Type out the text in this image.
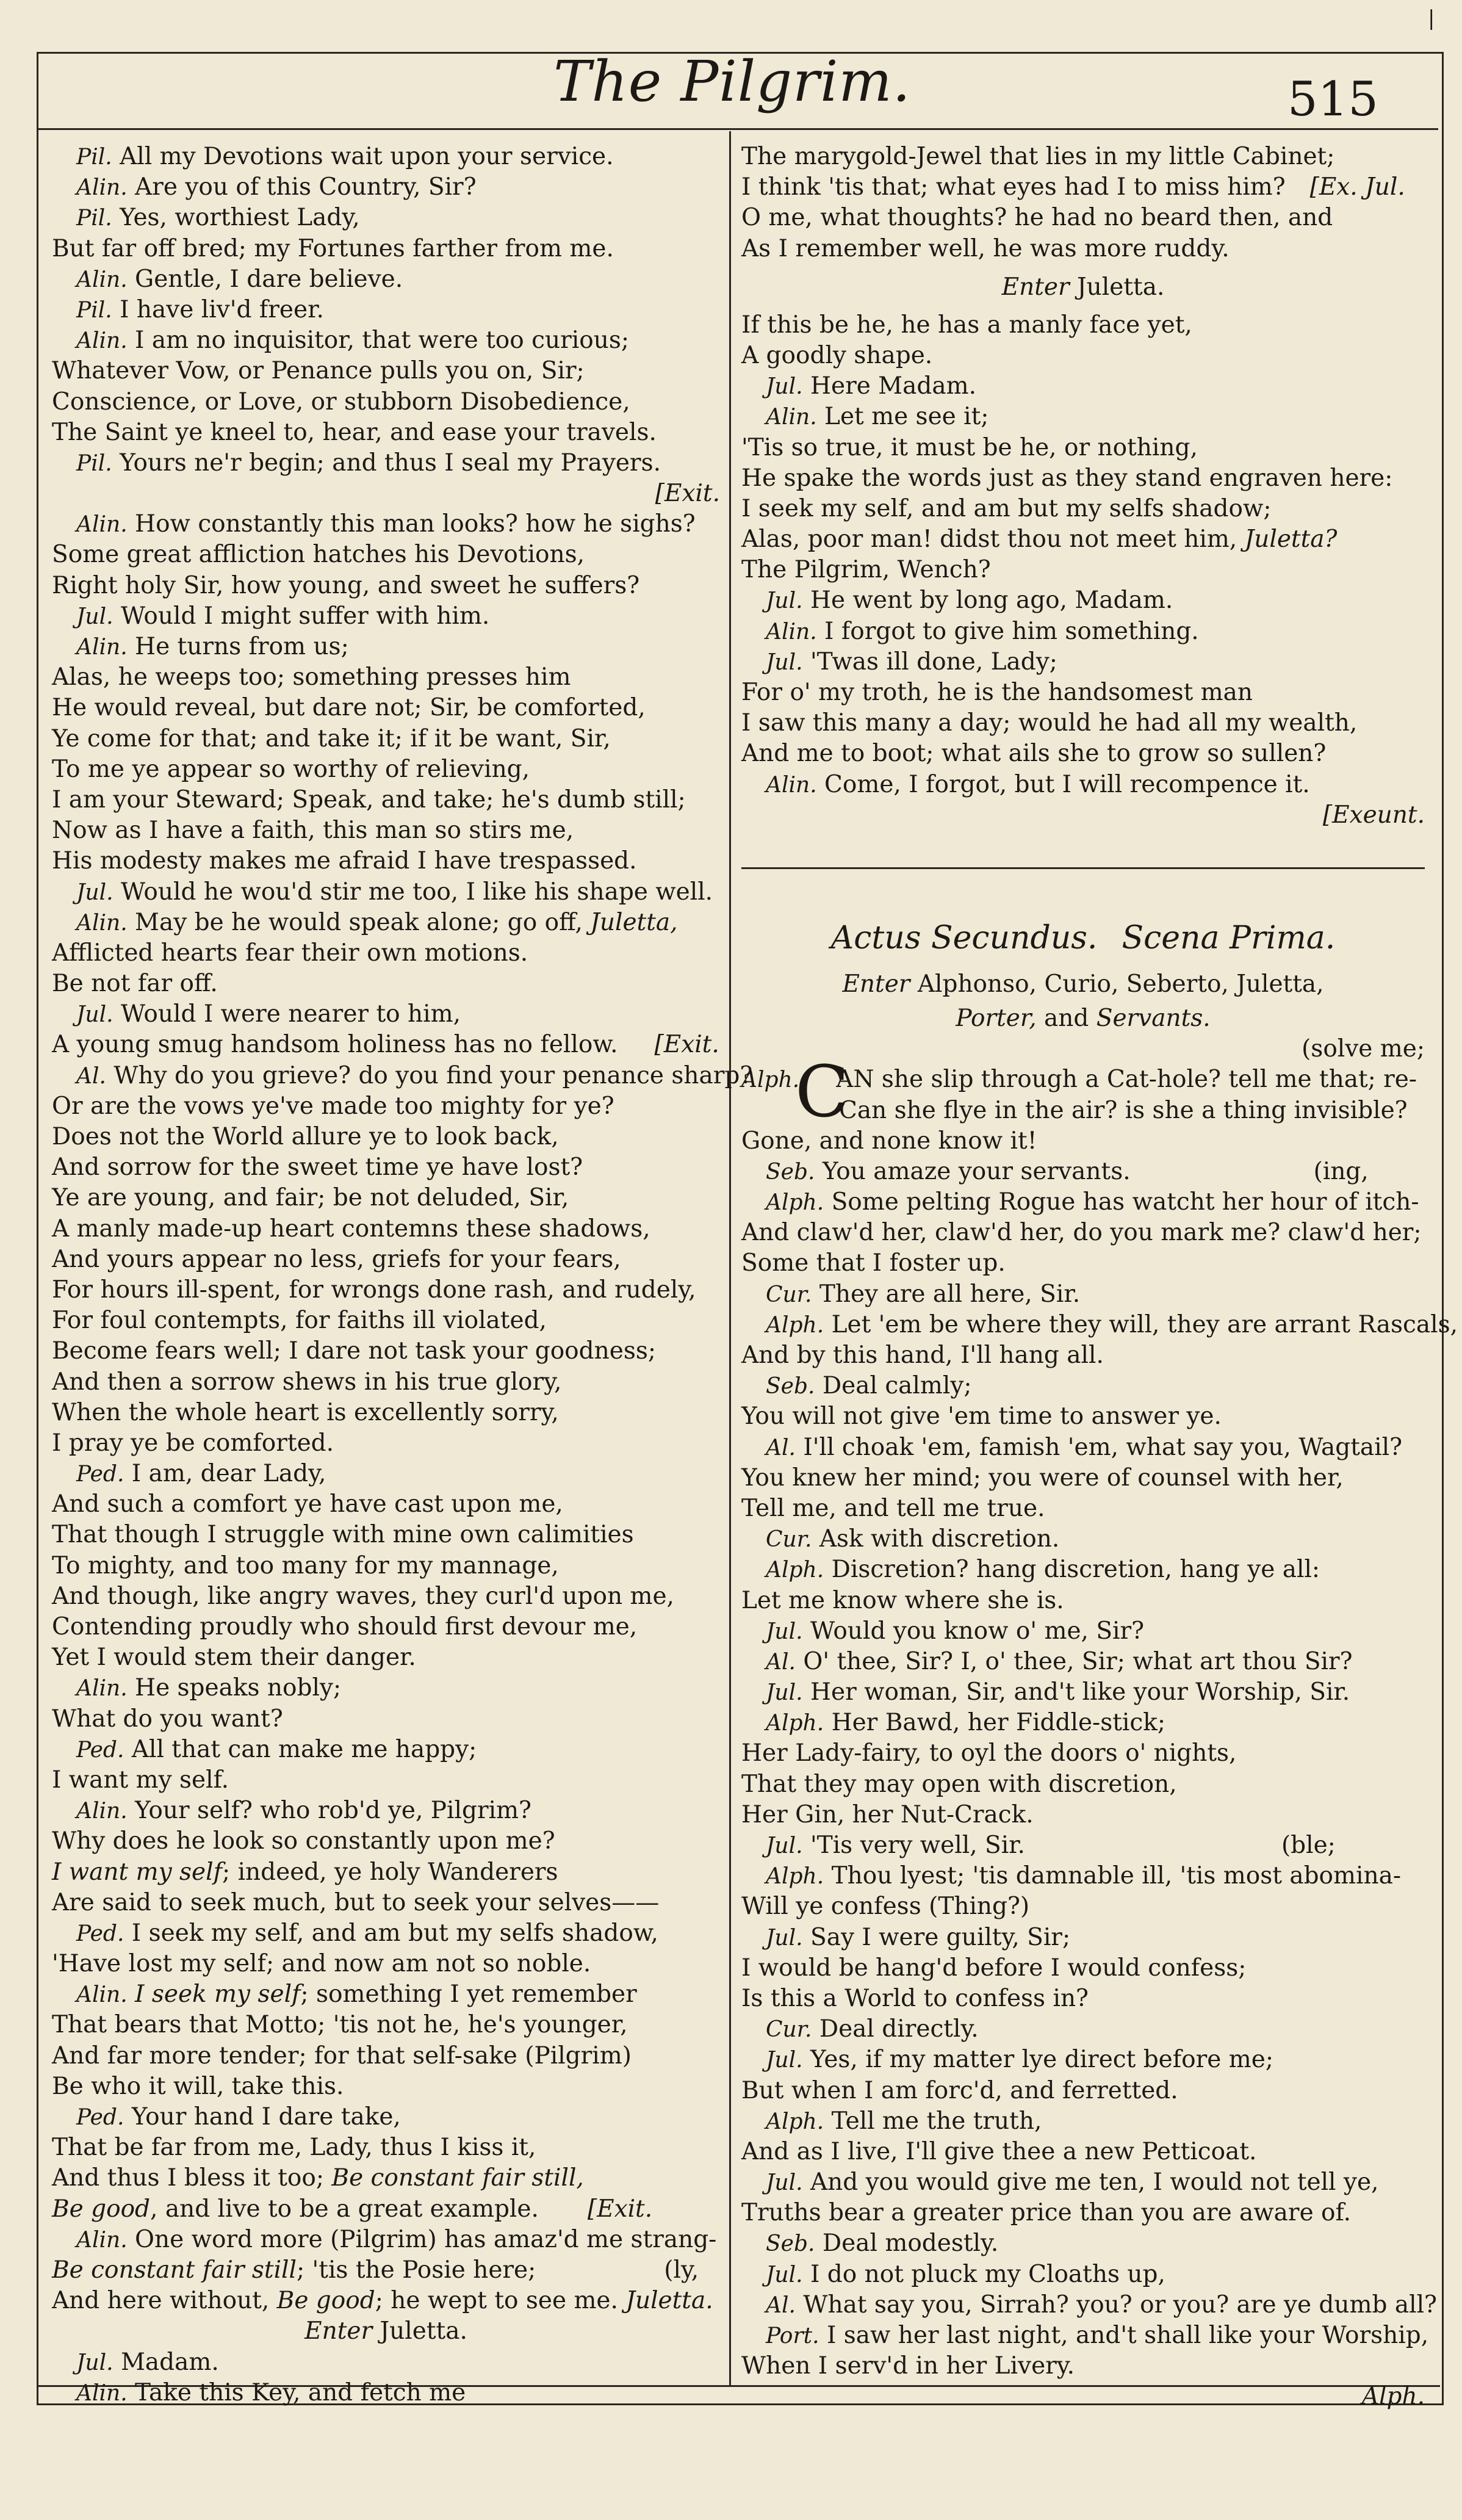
|
The Pilgrim.	515
Pil. All my Devotions wait upon your service.
Alin. Are you of this Country, Sir?
Pil. Yes, worthiest Lady,
But far off bred; my Fortunes farther from me.
Alin. Gentle, I dare believe.
Pil. I have liv'd freer.
Alin. I am no inquisitor, that were too curious;
Whatever Vow, or Penance pulls you on, Sir;
Conscience, or Love, or stubborn Disobedience,
The Saint ye kneel to, hear, and ease your travels.
Pil. Yours ne'r begin; and thus I seal my Prayers.
[Exit.
Alin. How constantly this man looks? how he sighs?
Some great affliction hatches his Devotions,
Right holy Sir, how young, and sweet he suffers?
Jul. Would I might suffer with him.
Alin. He turns from us;
Alas, he weeps too; something presses him
He would reveal, but dare not; Sir, be comforted,
Ye come for that; and take it; if it be want, Sir,
To me ye appear so worthy of relieving,
I am your Steward; Speak, and take; he's dumb still;
Now as I have a faith, this man so stirs me,
His modesty makes me afraid I have trespassed.
Jul. Would he wou'd stir me too, I like his shape well.
Alin. May be he would speak alone; go off, Juletta,
Afflicted hearts fear their own motions.
Be not far off.
Jul. Would I were nearer to him,
A young smug handsom holiness has no fellow. [Exit.
Al. Why do you grieve? do you find your penance sharp?
Or are the vows ye've made too mighty for ye?
Does not the World allure ye to look back,
And sorrow for the sweet time ye have lost?
Ye are young, and fair; be not deluded, Sir,
A manly made-up heart contemns these shadows,
And yours appear no less, griefs for your fears,
For hours ill-spent, for wrongs done rash, and rudely,
For foul contempts, for faiths ill violated,
Become fears well; I dare not task your goodness;
And then a sorrow shews in his true glory,
When the whole heart is excellently sorry,
I pray ye be comforted.
Ped. I am, dear Lady,
And such a comfort ye have cast upon me,
That though I struggle with mine own calimities
To mighty, and too many for my mannage,
And though, like angry waves, they curl'd upon me,
Contending proudly who should first devour me,
Yet I would stem their danger.
Alin. He speaks nobly;
What do you want?
Ped. All that can make me happy;
I want my self.
Alin. Your self? who rob'd ye, Pilgrim?
Why does he look so constantly upon me?
I want my self; indeed, ye holy Wanderers
Are said to seek much, but to seek your selves——
Ped. I seek my self, and am but my selfs shadow,
'Have lost my self; and now am not so noble.
Alin. I seek my self; something I yet remember
That bears that Motto; 'tis not he, he's younger,
And far more tender; for that self-sake (Pilgrim)
Be who it will, take this.
Ped. Your hand I dare take,
That be far from me, Lady, thus I kiss it,
And thus I bless it too; Be constant fair still,
Be good, and live to be a great example. [Exit.
Alin. One word more (Pilgrim) has amaz'd me strang-
Be constant fair still; 'tis the Posie here;	(ly,
And here without, Be good; he wept to see me. Juletta.
Enter Juletta.
Jul. Madam.
Alin. Take this Key, and fetch me
The marygold-Jewel that lies in my little Cabinet;
I think 'tis that; what eyes had I to miss him? [Ex. Jul.
O me, what thoughts? he had no beard then, and
As I remember well, he was more ruddy.
Enter Juletta.
If this be he, he has a manly face yet,
A goodly shape.
Jul. Here Madam.
Alin. Let me see it;
'Tis so true, it must be he, or nothing,
He spake the words just as they stand engraven here:
I seek my self, and am but my selfs shadow;
Alas, poor man! didst thou not meet him, Juletta?
The Pilgrim, Wench?
Jul. He went by long ago, Madam.
Alin. I forgot to give him something.
Jul. 'Twas ill done, Lady;
For o' my troth, he is the handsomest man
I saw this many a day; would he had all my wealth,
And me to boot; what ails she to grow so sullen?
Alin. Come, I forgot, but I will recompence it.
[Exeunt.
Actus Secundus. Scena Prima.
Enter Alphonso, Curio, Seberto, Juletta,
Porter, and Servants.
(solve me;
Alph.
C
AN she slip through a Cat-hole? tell me that; re-
Can she flye in the air? is she a thing invisible?
Gone, and none know it!
Seb. You amaze your servants.	(ing,
Alph. Some pelting Rogue has watcht her hour of itch-
And claw'd her, claw'd her, do you mark me? claw'd her;
Some that I foster up.
Cur. They are all here, Sir.
Alph. Let 'em be where they will, they are arrant Rascals,
And by this hand, I'll hang all.
Seb. Deal calmly;
You will not give 'em time to answer ye.
Al. I'll choak 'em, famish 'em, what say you, Wagtail?
You knew her mind; you were of counsel with her,
Tell me, and tell me true.
Cur. Ask with discretion.
Alph. Discretion? hang discretion, hang ye all:
Let me know where she is.
Jul. Would you know o' me, Sir?
Al. O' thee, Sir? I, o' thee, Sir; what art thou Sir?
Jul. Her woman, Sir, and't like your Worship, Sir.
Alph. Her Bawd, her Fiddle-stick;
Her Lady-fairy, to oyl the doors o' nights,
That they may open with discretion,
Her Gin, her Nut-Crack.
Jul. 'Tis very well, Sir.	(ble;
Alph. Thou lyest; 'tis damnable ill, 'tis most abomina-
Will ye confess (Thing?)
Jul. Say I were guilty, Sir;
I would be hang'd before I would confess;
Is this a World to confess in?
Cur. Deal directly.
Jul. Yes, if my matter lye direct before me;
But when I am forc'd, and ferretted.
Alph. Tell me the truth,
And as I live, I'll give thee a new Petticoat.
Jul. And you would give me ten, I would not tell ye,
Truths bear a greater price than you are aware of.
Seb. Deal modestly.
Jul. I do not pluck my Cloaths up,
Al. What say you, Sirrah? you? or you? are ye dumb all?
Port. I saw her last night, and't shall like your Worship,
When I serv'd in her Livery.
Alph.
